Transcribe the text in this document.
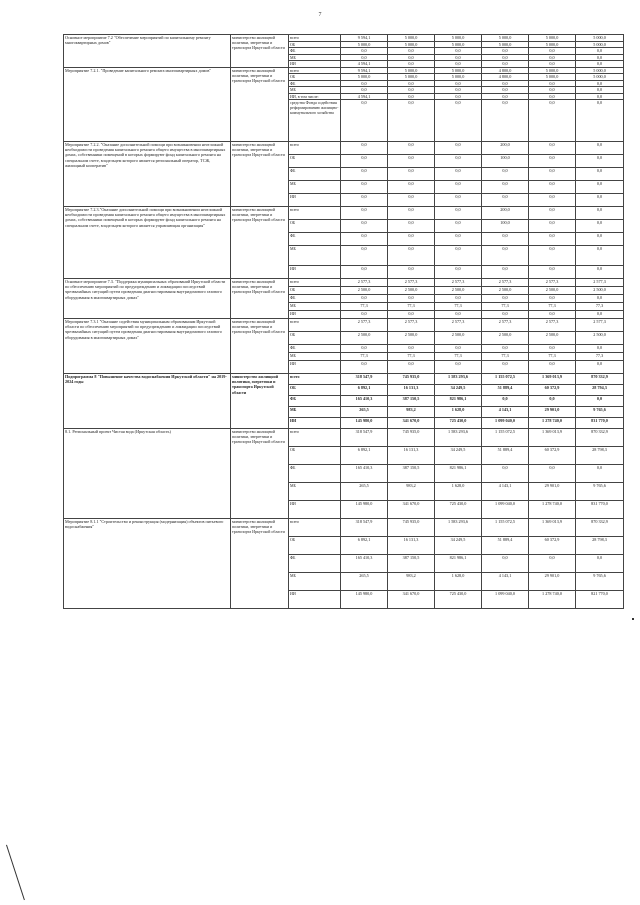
7
Основное мероприятие 7.2 "Обеспечение мероприятий по капитальному ремонту многоквартирных домов"	министерство жилищной политики, энергетики и транспорта Иркутской области	всего	9 594,1	5 000,0	5 000,0	5 000,0	5 000,0	5 000,0
		ОБ	5 000,0	5 000,0	5 000,0	5 000,0	5 000,0	5 000,0
		ФБ	0,0	0,0	0,0	0,0	0,0	0,0
		МБ	0,0	0,0	0,0	0,0	0,0	0,0
		ИИ	4 594,1	0,0	0,0	0,0	0,0	0,0
Мероприятие 7.2.1. "Проведение капитального ремонта многоквартирных домов"	министерство жилищной политики, энергетики и транспорта Иркутской области	всего	9 594,1	5 000,0	5 000,0	4 800,0	5 000,0	5 000,0
		ОБ	5 000,0	5 000,0	5 000,0	4 800,0	5 000,0	5 000,0
		ФБ	0,0	0,0	0,0	0,0	0,0	0,0
		МБ	0,0	0,0	0,0	0,0	0,0	0,0
		ИИ, в том числе:	4 594,1	0,0	0,0	0,0	0,0	0,0
		средства Фонда содействия реформированию жилищно-коммунального хозяйства	0,0	0,0	0,0	0,0	0,0	0,0
Мероприятие 7.2.2. "Оказание дополнительной помощи при возникновении неотложной необходимости проведения капитального ремонта общего имущества в многоквартирных домах, собственники помещений в которых формируют фонд капитального ремонта на специальном счете, владельцем которого является региональный оператор, ТСЖ, жилищный кооператив"	министерство жилищной политики, энергетики и транспорта Иркутской области	всего	0,0	0,0	0,0	200,0	0,0	0,0
		ОБ	0,0	0,0	0,0	100,0	0,0	0,0
		ФБ	0,0	0,0	0,0	0,0	0,0	0,0
		МБ	0,0	0,0	0,0	0,0	0,0	0,0
		ИИ	0,0	0,0	0,0	0,0	0,0	0,0
Мероприятие 7.2.3."Оказание дополнительной помощи при возникновении неотложной необходимости проведения капитального ремонта общего имущества в многоквартирных домах, собственники помещений в которых формируют фонд капитального ремонта на специальном счете, владельцем которого является управляющая организация"	министерство жилищной политики, энергетики и транспорта Иркутской области	всего	0,0	0,0	0,0	200,0	0,0	0,0
		ОБ	0,0	0,0	0,0	100,0	0,0	0,0
		ФБ	0,0	0,0	0,0	0,0	0,0	0,0
		МБ	0,0	0,0	0,0	0,0	0,0	0,0
		ИИ	0,0	0,0	0,0	0,0	0,0	0,0
Основное мероприятие 7.3. "Поддержка муниципальных образований Иркутской области по обеспечению мероприятий по предупреждению и ликвидации последствий чрезвычайных ситуаций путем проведения диагностирования внутридомового газового оборудования в многоквартирных домах"	министерство жилищной политики, энергетики и транспорта Иркутской области	всего	2 577,3	2 577,3	2 577,3	2 577,3	2 577,3	2 577,3
		ОБ	2 500,0	2 500,0	2 500,0	2 500,0	2 500,0	2 500,0
		ФБ	0,0	0,0	0,0	0,0	0,0	0,0
		МБ	77,3	77,3	77,3	77,3	77,3	77,3
		ИИ	0,0	0,0	0,0	0,0	0,0	0,0
Мероприятие 7.3.1 "Оказание содействия муниципальным образованиям Иркутской области по обеспечению мероприятий по предупреждению и ликвидации последствий чрезвычайных ситуаций путем проведения диагностирования внутридомового газового оборудования в многоквартирных домах"	министерство жилищной политики, энергетики и транспорта Иркутской области	всего	2 577,3	2 577,3	2 577,3	2 577,3	2 577,3	2 577,3
		ОБ	2 500,0	2 500,0	2 500,0	2 500,0	2 500,0	2 500,0
		ФБ	0,0	0,0	0,0	0,0	0,0	0,0
		МБ	77,3	77,3	77,3	77,3	77,3	77,3
		ИИ	0,0	0,0	0,0	0,0	0,0	0,0
Подпрограмма 8 "Повышение качества водоснабжения Иркутской области" на 2019-2024 годы	министерство жилищной политики, энергетики и транспорта Иркутской области	всего	318 547,9	745 935,0	1 583 293,6	1 155 072,5	1 369 013,9	870 332,9
		ОБ	6 892,1	16 131,3	34 249,5	51 889,4	60 372,9	28 794,3
		ФБ	165 410,3	387 150,5	821 986,1	0,0	0,0	0,0
		МБ	265,5	983,2	1 628,0	4 143,1	29 901,0	9 765,6
		ИИ	145 980,0	341 670,0	725 430,0	1 099 040,0	1 278 740,0	831 770,0
8.1. Региональный проект Чистая вода (Иркутская область)	министерство жилищной политики, энергетики и транспорта Иркутской области	всего	318 547,9	745 935,0	1 583 293,6	1 155 072,5	1 369 013,9	870 332,9
		ОБ	6 892,1	16 131,3	34 249,5	51 889,4	60 372,9	28 798,3
		ФБ	165 410,3	387 150,5	821 986,1	0,0	0,0	0,0
		МБ	265,5	983,2	1 628,0	4 143,1	29 901,0	9 765,6
		ИИ	145 980,0	341 670,0	725 430,0	1 099 040,0	1 278 740,0	831 770,0
Мероприятие 8.1.1 "Строительство и реконструкция (модернизация) объектов питьевого водоснабжения"	министерство жилищной политики, энергетики и транспорта Иркутской области	всего	318 547,9	745 935,0	1 583 293,6	1 155 072,5	1 369 013,9	870 332,9
		ОБ	6 892,1	16 131,3	34 249,5	51 889,4	60 372,9	28 798,3
		ФБ	165 410,3	387 150,5	821 986,1	0,0	0,0	0,0
		МБ	265,5	983,2	1 628,0	4 143,1	29 901,0	9 765,6
		ИИ	145 980,0	341 670,0	725 430,0	1 099 040,0	1 278 740,0	821 770,0
